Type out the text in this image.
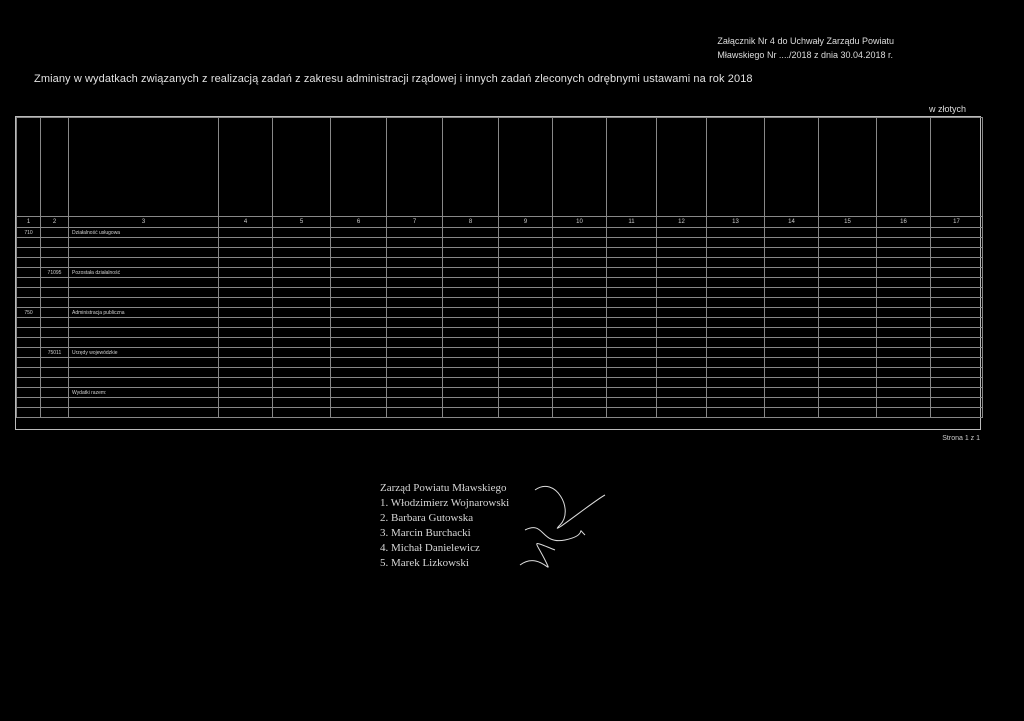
Załącznik Nr 4 do Uchwały Zarządu Powiatu
Mławskiego Nr ..../2018 z dnia 30.04.2018 r.
Zmiany w wydatkach związanych z realizacją zadań z zakresu administracji rządowej i innych zadań zleconych odrębnymi ustawami na rok 2018
w złotych

1	2	3	4	5	6	7	8	9	10	11	12	13	14	15	16	17
710		Działalność usługowa														

	71095	Pozostała działalność														

750		Administracja publiczna														

	75011	Urzędy wojewódzkie														

		Wydatki razem:														

Strona 1 z 1
Zarząd Powiatu Mławskiego
1. Włodzimierz Wojnarowski
2. Barbara Gutowska
3. Marcin Burchacki
4. Michał Danielewicz
5. Marek Lizkowski
